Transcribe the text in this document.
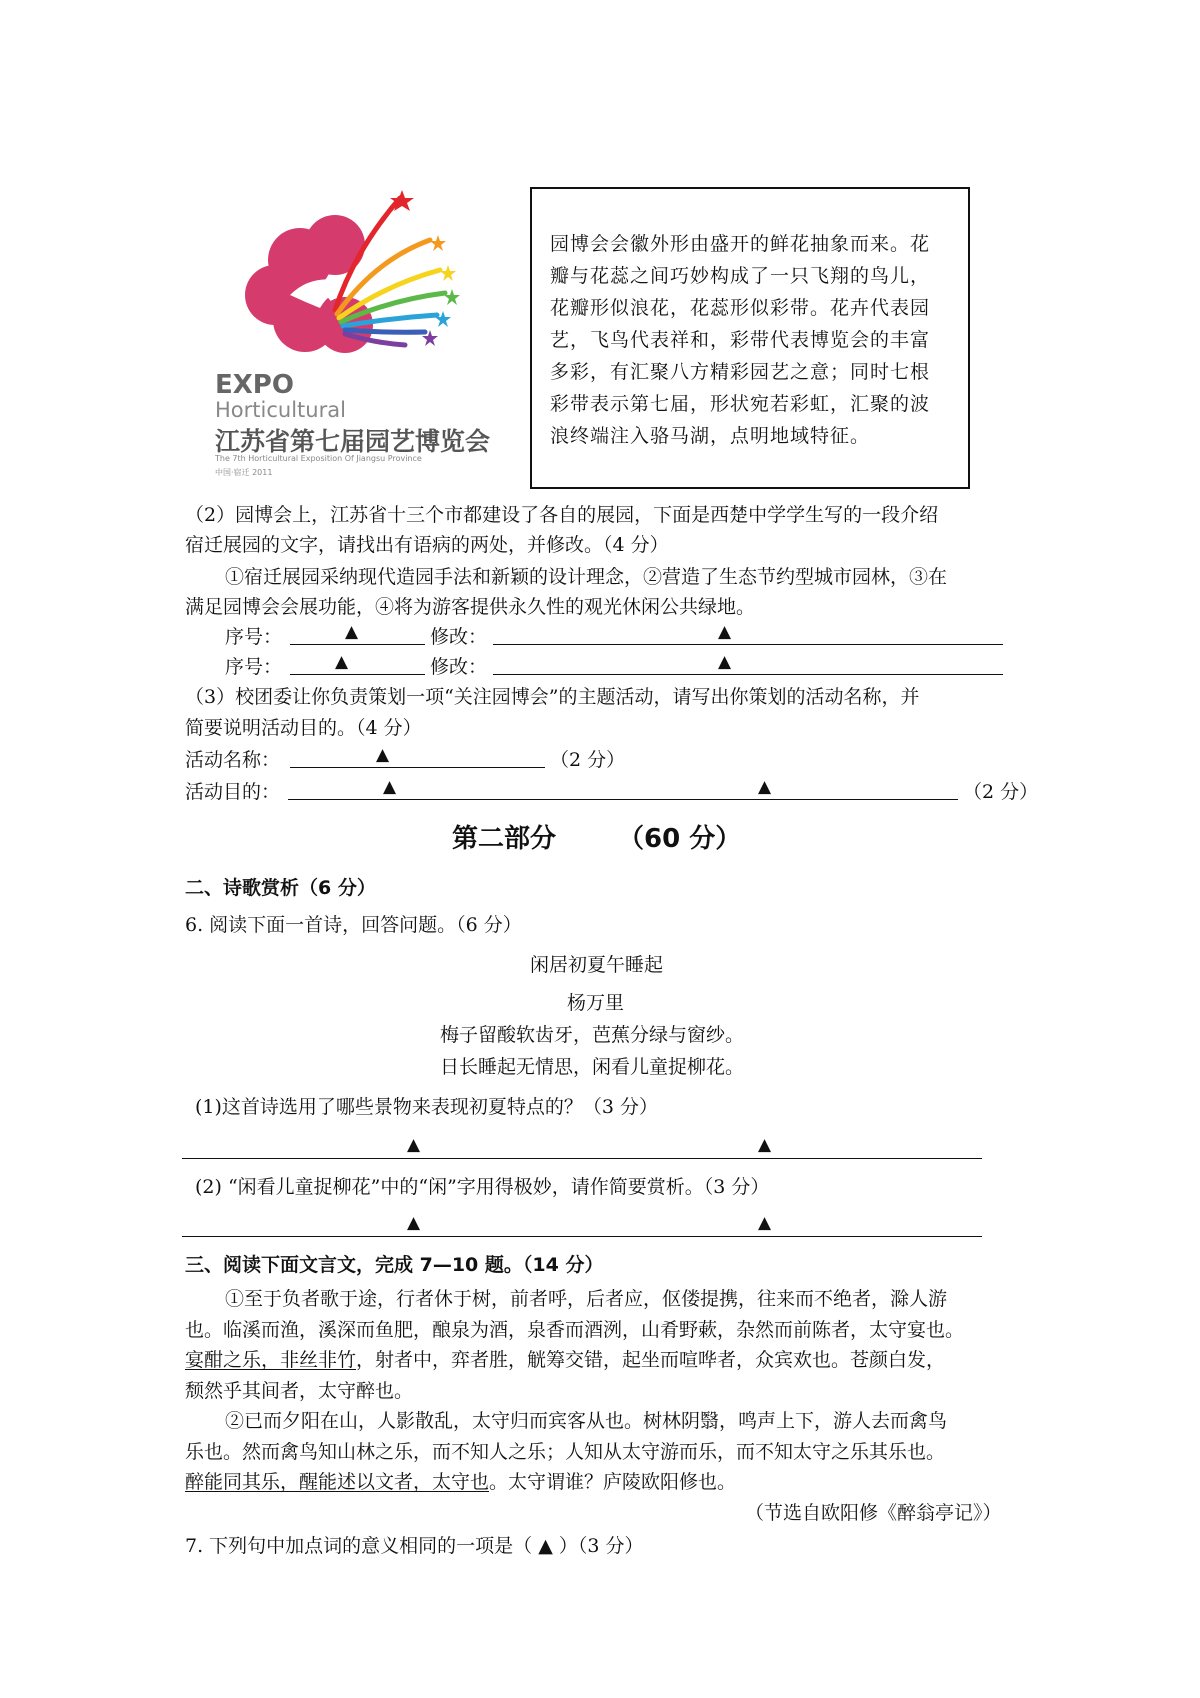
EXPO
Horticultural
江苏省第七届园艺博览会
The 7th Horticultural Exposition Of Jiangsu Province
中国·宿迁 2011

园博会会徽外形由盛开的鲜花抽象而来。花

瓣与花蕊之间巧妙构成了一只飞翔的鸟儿，

花瓣形似浪花，花蕊形似彩带。花卉代表园

艺，飞鸟代表祥和，彩带代表博览会的丰富

多彩，有汇聚八方精彩园艺之意；同时七根

彩带表示第七届，形状宛若彩虹，汇聚的波

浪终端注入骆马湖，点明地域特征。

（2）园博会上，江苏省十三个市都建设了各自的展园，下面是西楚中学学生写的一段介绍
宿迁展园的文字，请找出有语病的两处，并修改。（4 分）
①宿迁展园采纳现代造园手法和新颖的设计理念，②营造了生态节约型城市园林，③在
满足园博会会展功能，④将为游客提供永久性的观光休闲公共绿地。
序号：	▲	修改：	▲
序号：	▲	修改：	▲
（3）校团委让你负责策划一项“关注园博会”的主题活动，请写出你策划的活动名称，并
简要说明活动目的。（4 分）
活动名称：	▲	（2 分）
活动目的：	▲	▲	（2 分）
第二部分 （60 分）
二、诗歌赏析（6 分）
6. 阅读下面一首诗，回答问题。（6 分）
闲居初夏午睡起
杨万里
梅子留酸软齿牙，芭蕉分绿与窗纱。
日长睡起无情思，闲看儿童捉柳花。
(1)这首诗选用了哪些景物来表现初夏特点的？（3 分）
▲	▲
(2) “闲看儿童捉柳花”中的“闲”字用得极妙，请作简要赏析。（3 分）
▲	▲
三、阅读下面文言文，完成 7—10 题。（14 分）
①至于负者歌于途，行者休于树，前者呼，后者应，伛偻提携，往来而不绝者，滁人游
也。临溪而渔，溪深而鱼肥，酿泉为酒，泉香而酒洌，山肴野蔌，杂然而前陈者，太守宴也。
宴酣之乐，非丝非竹，射者中，弈者胜，觥筹交错，起坐而喧哗者，众宾欢也。苍颜白发，
颓然乎其间者，太守醉也。
②已而夕阳在山，人影散乱，太守归而宾客从也。树林阴翳，鸣声上下，游人去而禽鸟
乐也。然而禽鸟知山林之乐，而不知人之乐；人知从太守游而乐，而不知太守之乐其乐也。
醉能同其乐，醒能述以文者，太守也。太守谓谁？庐陵欧阳修也。
（节选自欧阳修《醉翁亭记》）
7. 下列句中加点词的意义相同的一项是（ ▲ ）（3 分）
